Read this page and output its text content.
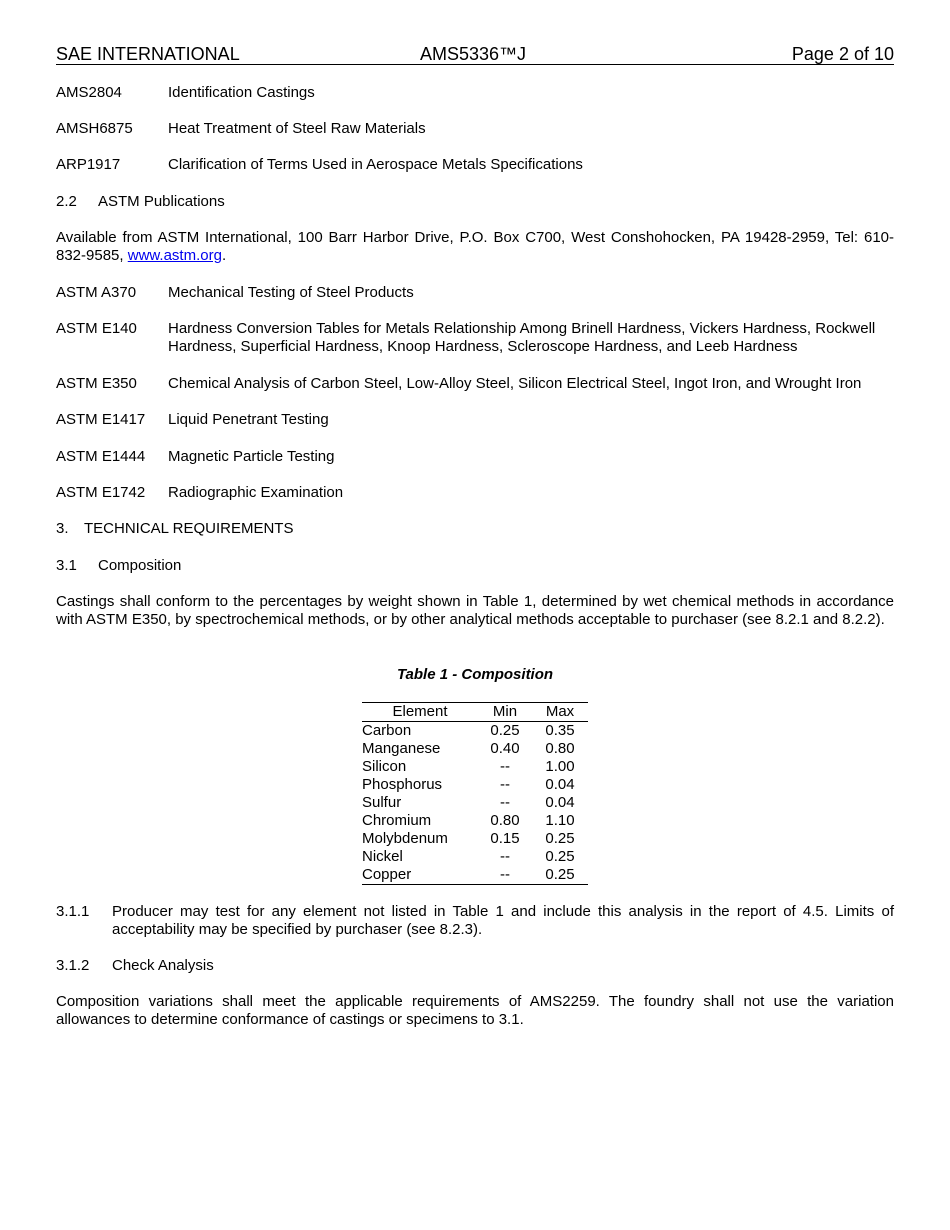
SAE INTERNATIONAL	AMS5336™J	Page 2 of 10
AMS2804	Identification Castings
AMSH6875 Heat Treatment of Steel Raw Materials
ARP1917	Clarification of Terms Used in Aerospace Metals Specifications
2.2 ASTM Publications
Available from ASTM International, 100 Barr Harbor Drive, P.O. Box C700, West Conshohocken, PA 19428-2959, Tel: 610-832-9585, www.astm.org.
ASTM A370 Mechanical Testing of Steel Products
ASTM E140 Hardness Conversion Tables for Metals Relationship Among Brinell Hardness, Vickers Hardness, Rockwell Hardness, Superficial Hardness, Knoop Hardness, Scleroscope Hardness, and Leeb Hardness
ASTM E350 Chemical Analysis of Carbon Steel, Low-Alloy Steel, Silicon Electrical Steel, Ingot Iron, and Wrought Iron
ASTM E1417 Liquid Penetrant Testing
ASTM E1444 Magnetic Particle Testing
ASTM E1742 Radiographic Examination
3. TECHNICAL REQUIREMENTS
3.1 Composition
Castings shall conform to the percentages by weight shown in Table 1, determined by wet chemical methods in accordance with ASTM E350, by spectrochemical methods, or by other analytical methods acceptable to purchaser (see 8.2.1 and 8.2.2).
Table 1 - Composition
Element	Min	Max
Carbon	0.25	0.35
Manganese	0.40	0.80
Silicon	--	1.00
Phosphorus	--	0.04
Sulfur	--	0.04
Chromium	0.80	1.10
Molybdenum	0.15	0.25
Nickel	--	0.25
Copper	--	0.25
3.1.1 Producer may test for any element not listed in Table 1 and include this analysis in the report of 4.5. Limits of acceptability may be specified by purchaser (see 8.2.3).
3.1.2 Check Analysis
Composition variations shall meet the applicable requirements of AMS2259. The foundry shall not use the variation allowances to determine conformance of castings or specimens to 3.1.
